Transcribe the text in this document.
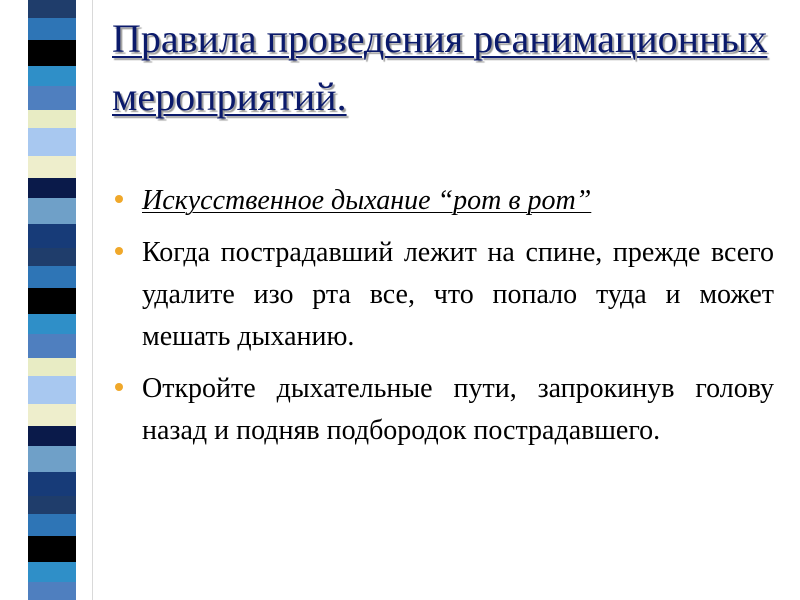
Правила проведения реанимационных мероприятий.
Искусственное дыхание “рот в рот”
Когда пострадавший лежит на спине, прежде всего удалите изо рта все, что попало туда и может мешать дыханию.
Откройте дыхательные пути, запрокинув голову назад и подняв подбородок пострадавшего.
